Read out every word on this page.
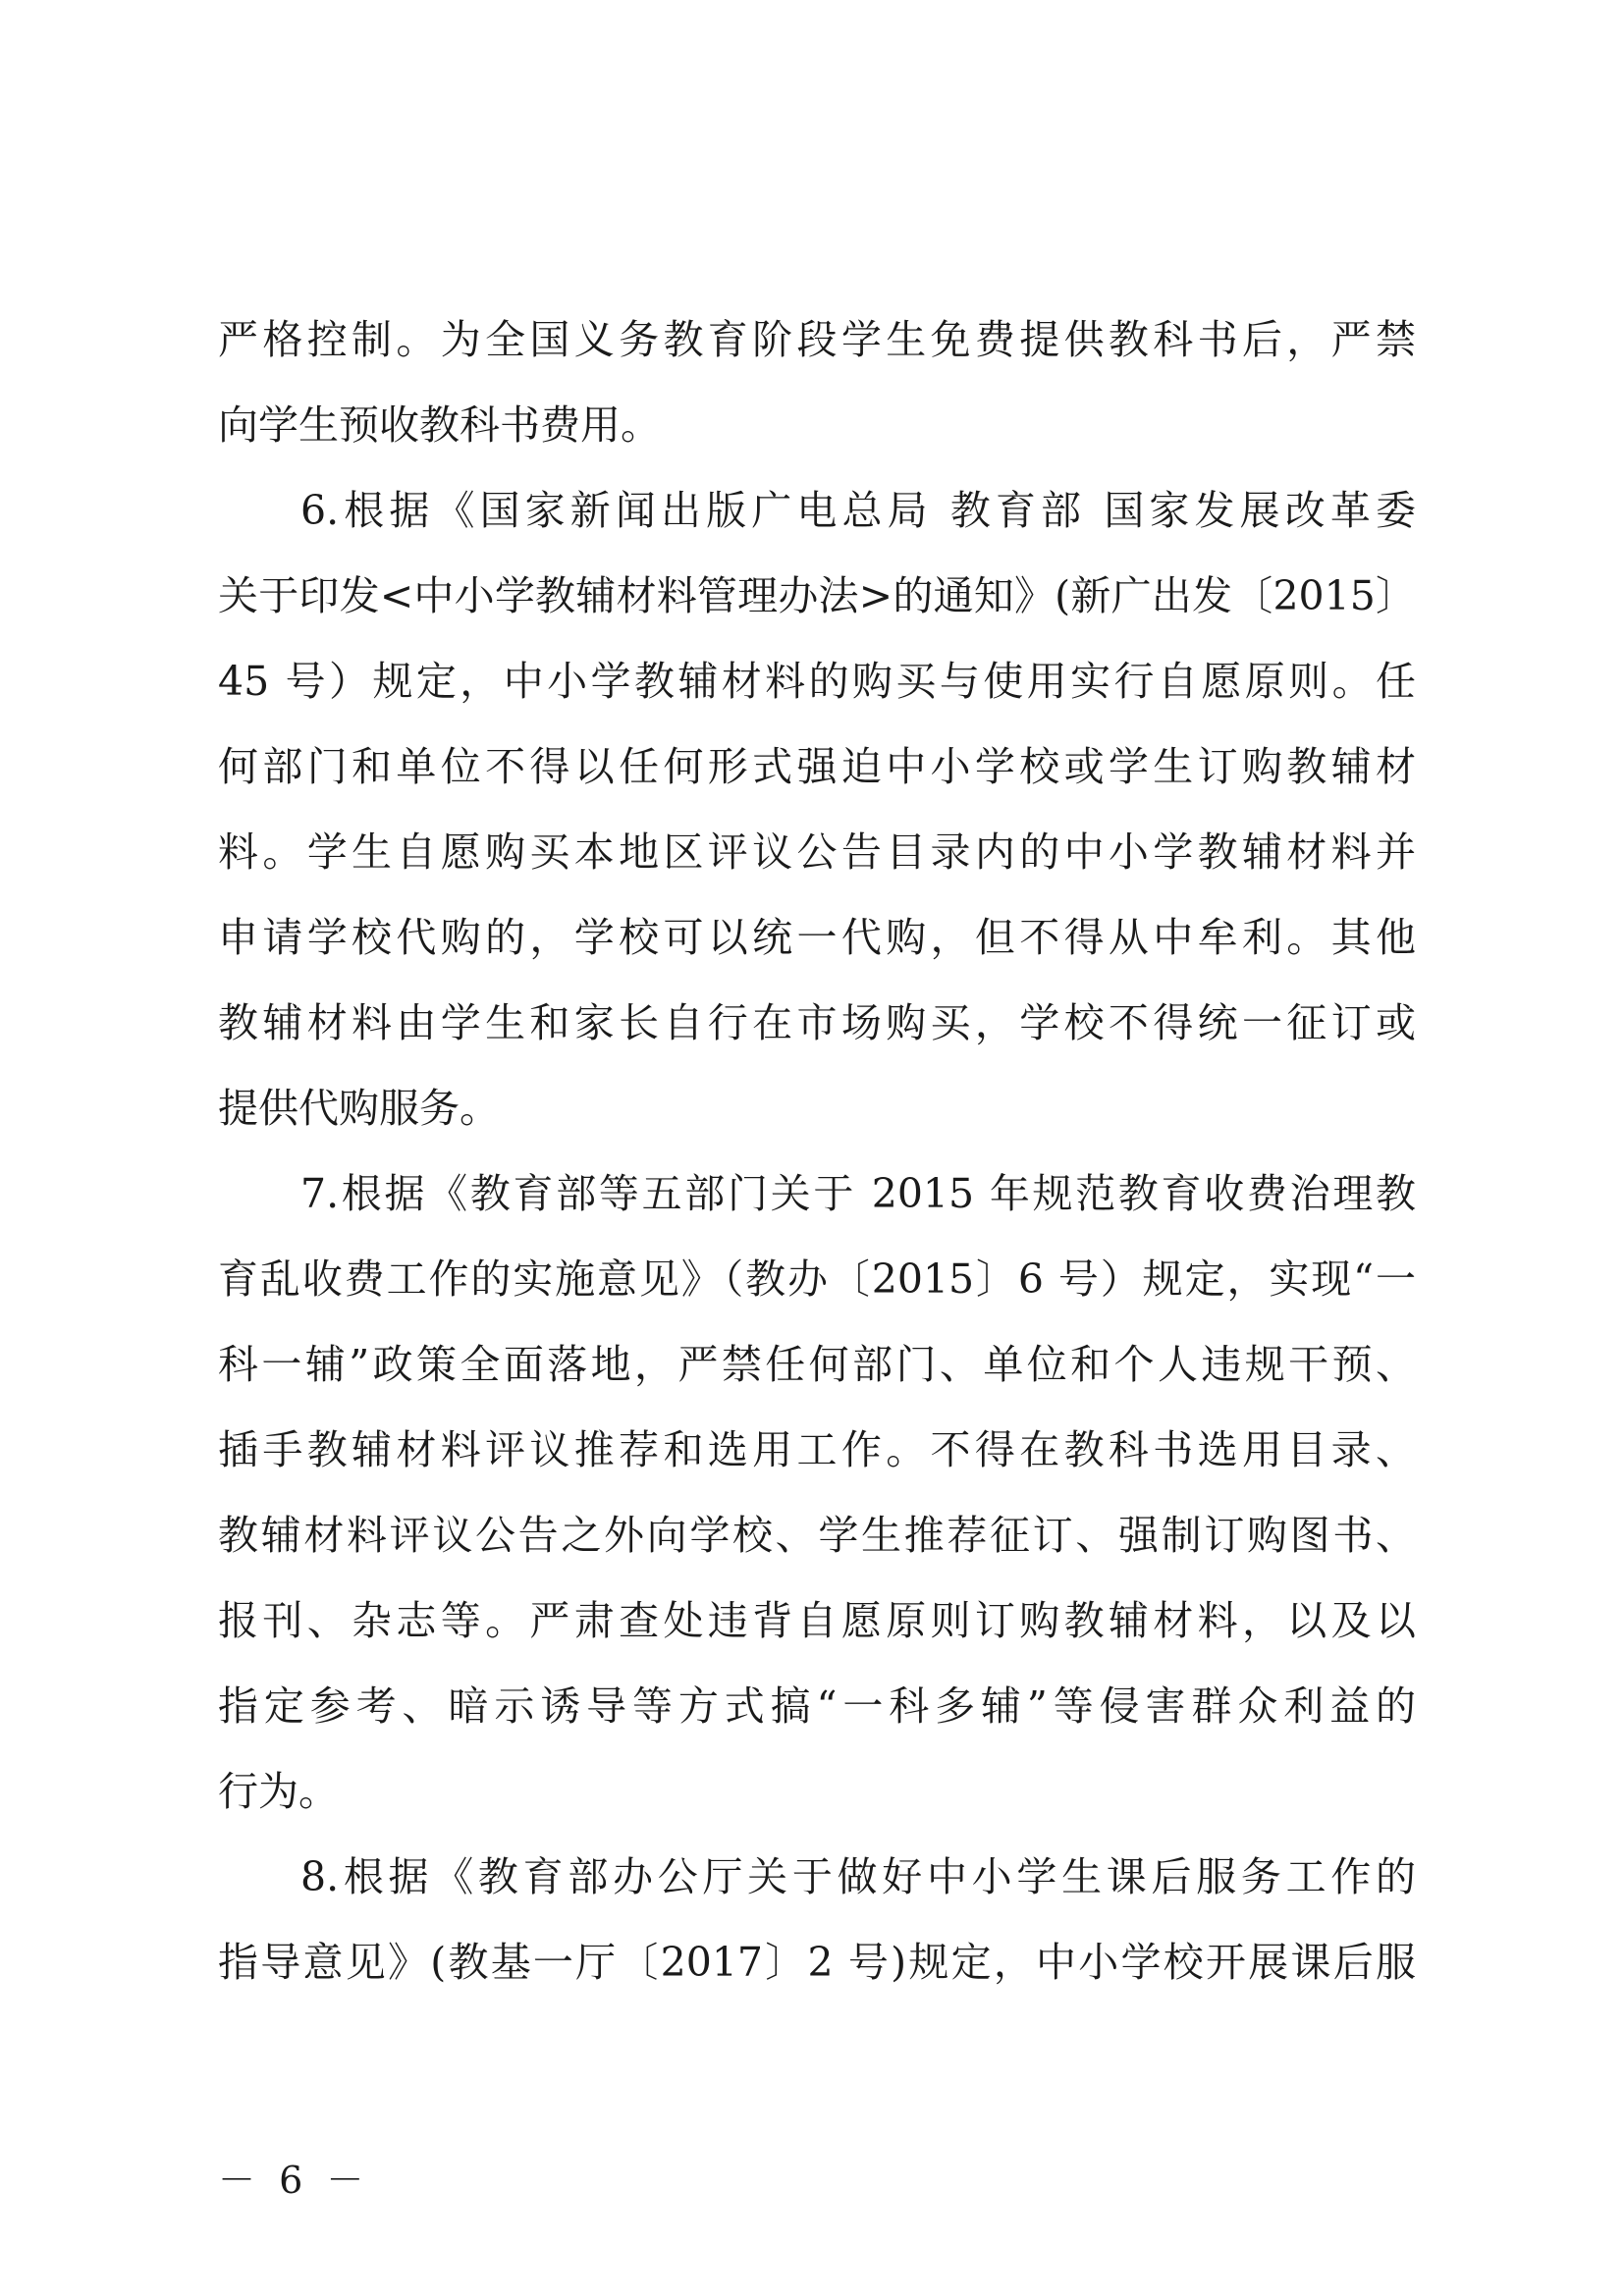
严格控制。为全国义务教育阶段学生免费提供教科书后，严禁
向学生预收教科书费用。
6.根据《国家新闻出版广电总局 教育部 国家发展改革委
关于印发<中小学教辅材料管理办法>的通知》(新广出发〔2015〕
45 号）规定，中小学教辅材料的购买与使用实行自愿原则。任
何部门和单位不得以任何形式强迫中小学校或学生订购教辅材
料。学生自愿购买本地区评议公告目录内的中小学教辅材料并
申请学校代购的，学校可以统一代购，但不得从中牟利。其他
教辅材料由学生和家长自行在市场购买，学校不得统一征订或
提供代购服务。
7.根据《教育部等五部门关于 2015 年规范教育收费治理教
育乱收费工作的实施意见》（教办〔2015〕6 号）规定，实现“一
科一辅”政策全面落地，严禁任何部门、单位和个人违规干预、
插手教辅材料评议推荐和选用工作。不得在教科书选用目录、
教辅材料评议公告之外向学校、学生推荐征订、强制订购图书、
报刊、杂志等。严肃查处违背自愿原则订购教辅材料，以及以
指定参考、暗示诱导等方式搞“一科多辅”等侵害群众利益的
行为。
8.根据《教育部办公厅关于做好中小学生课后服务工作的
指导意见》(教基一厅〔2017〕2 号)规定，中小学校开展课后服
－ 6 －
